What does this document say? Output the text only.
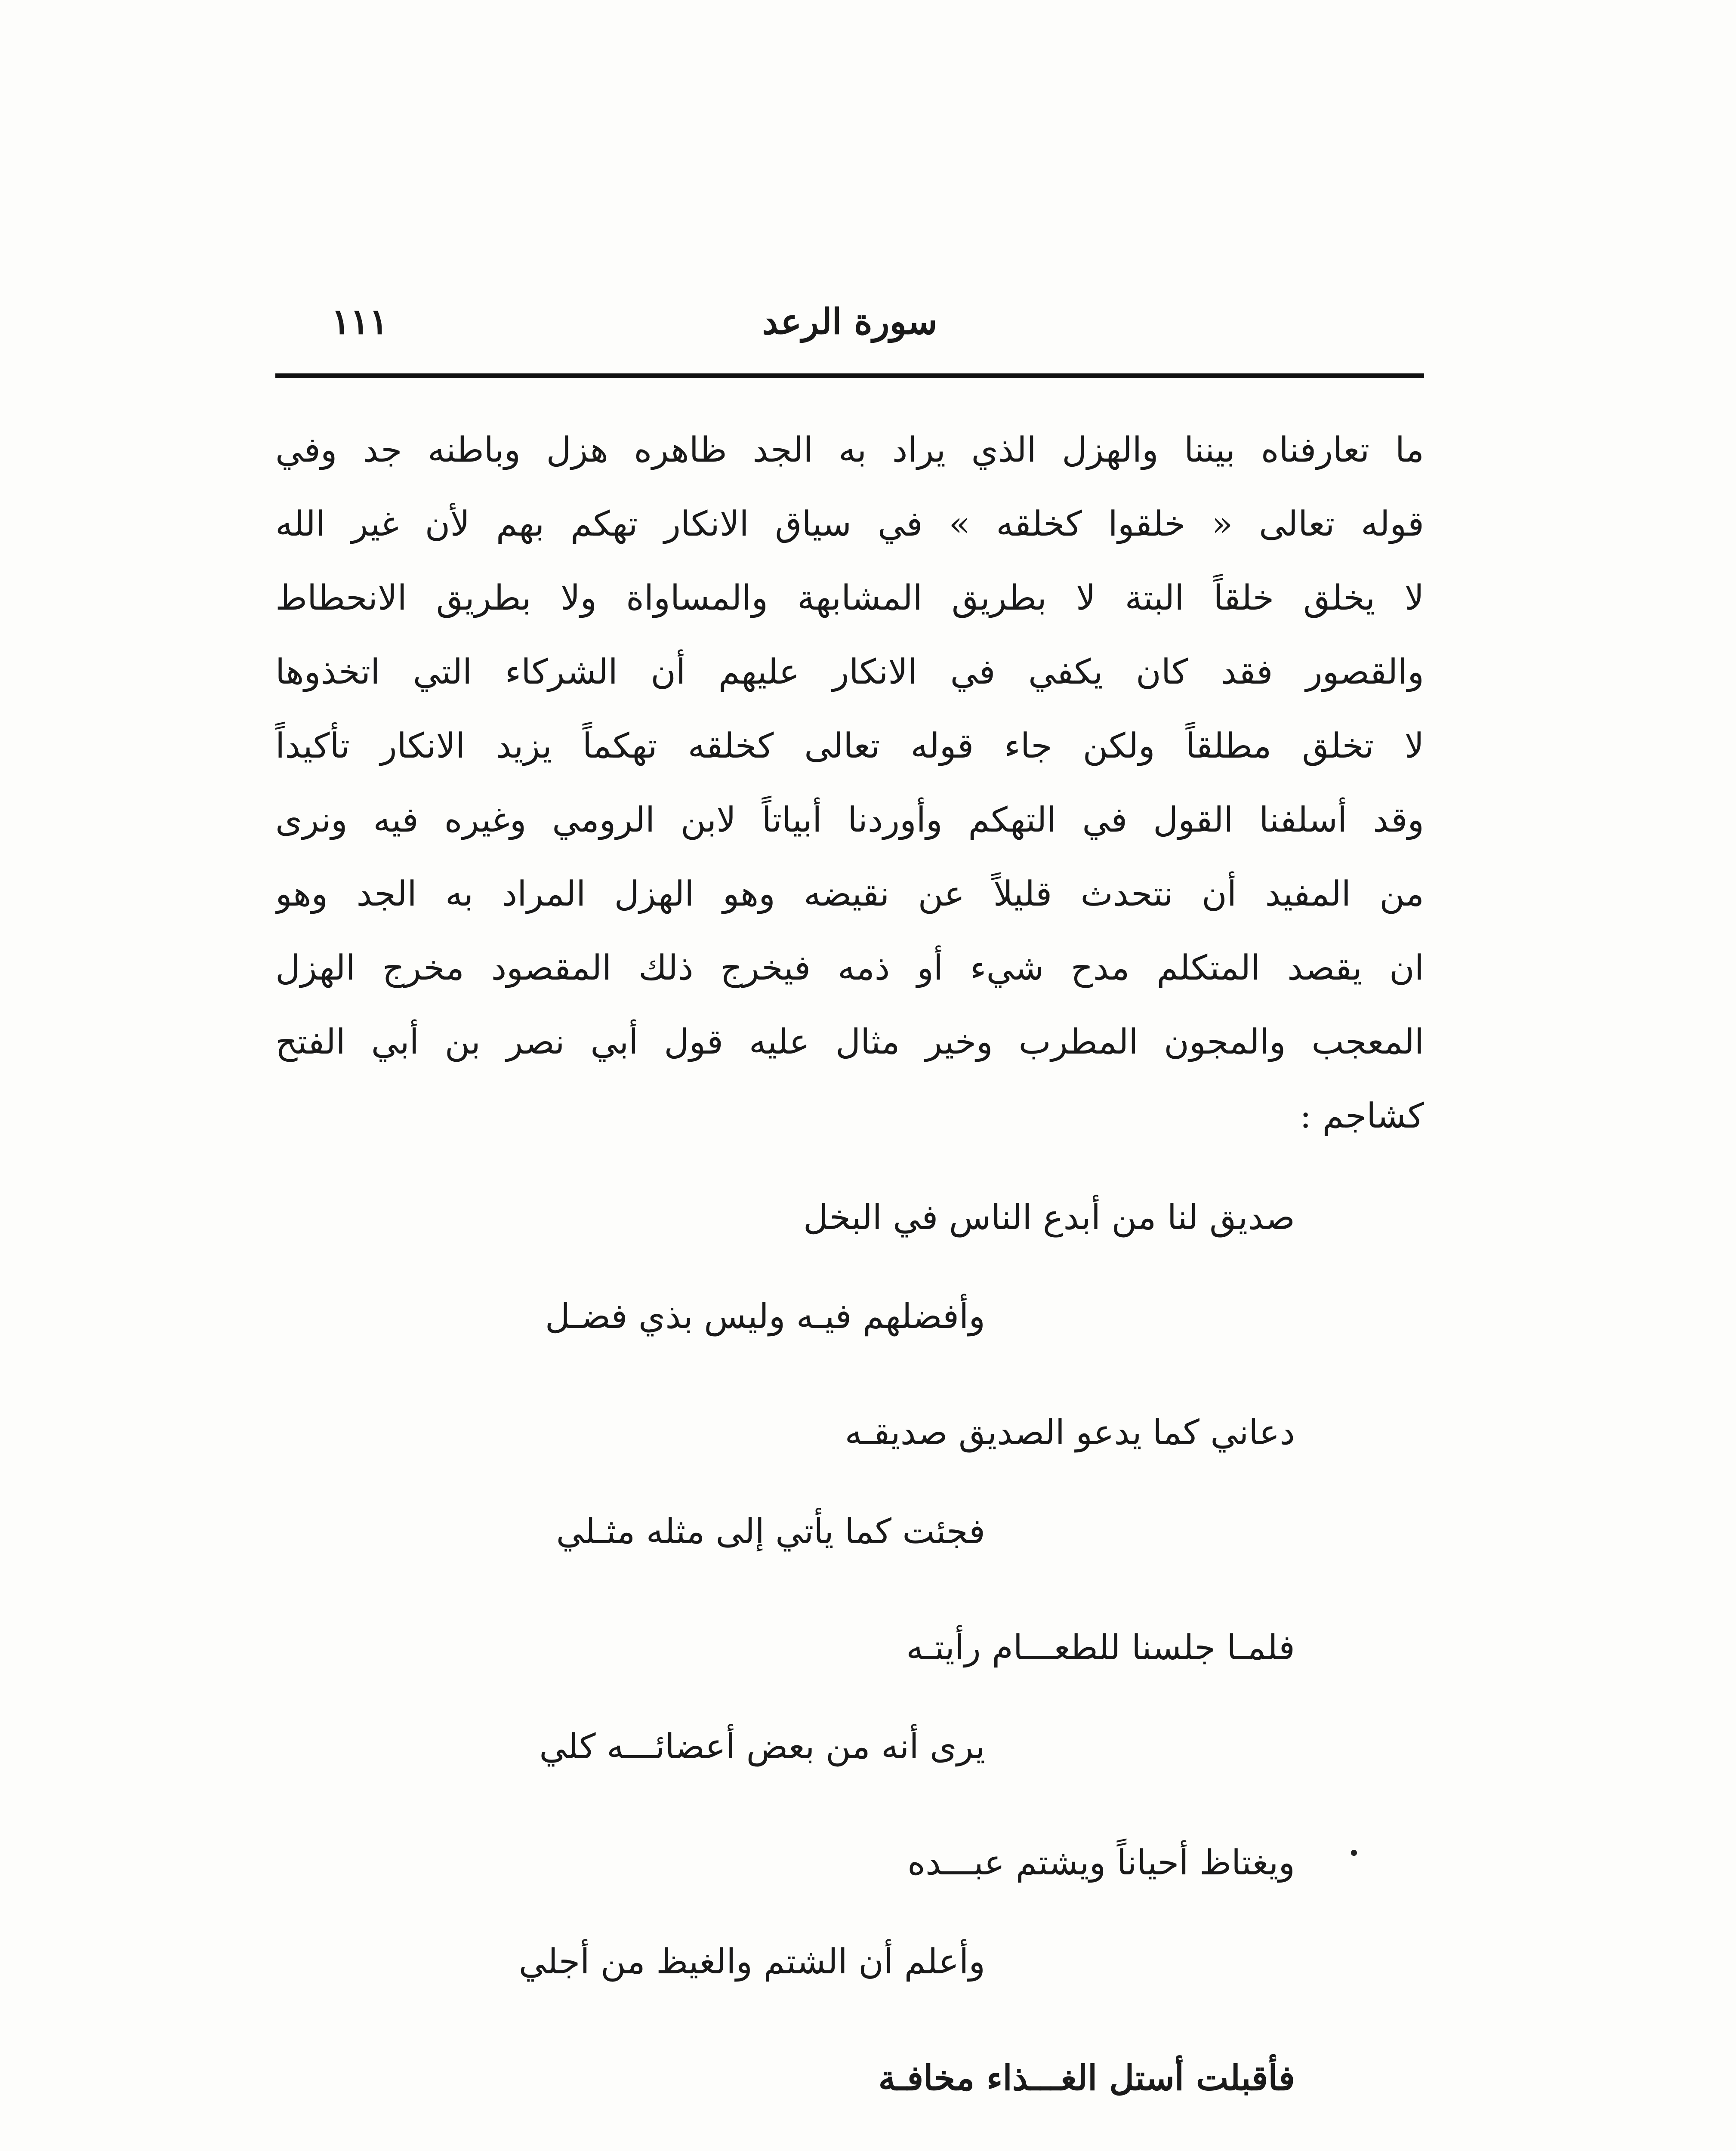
سورة الرعد
١١١
ما تعارفناه بيننا والهزل الذي يراد به الجد ظاهره هزل وباطنه جد وفي
قوله تعالى « خلقوا كخلقه » في سياق الانكار تهكم بهم لأن غير الله
لا يخلق خلقاً البتة لا بطريق المشابهة والمساواة ولا بطريق الانحطاط
والقصور فقد كان يكفي في الانكار عليهم أن الشركاء التي اتخذوها
لا تخلق مطلقاً ولكن جاء قوله تعالى كخلقه تهكماً يزيد الانكار تأكيداً
وقد أسلفنا القول في التهكم وأوردنا أبياتاً لابن الرومي وغيره فيه ونرى
من المفيد أن نتحدث قليلاً عن نقيضه وهو الهزل المراد به الجد وهو
ان يقصد المتكلم مدح شيء أو ذمه فيخرج ذلك المقصود مخرج الهزل
المعجب والمجون المطرب وخير مثال عليه قول أبي نصر بن أبي الفتح
كشاجم :
صديق لنا من أبدع الناس في البخل
وأفضلهم فيـه وليس بذي فضـل
دعاني كما يدعو الصديق صديقـه
فجئت كما يأتي إلى مثله مثـلي
فلمـا جلسنا للطعـــام رأيتـه
يرى أنه من بعض أعضائـــه كلي
ويغتاظ أحياناً ويشتم عبـــده
وأعلم أن الشتم والغيظ من أجلي
فأقبلت أستل الغـــذاء مخافـة
